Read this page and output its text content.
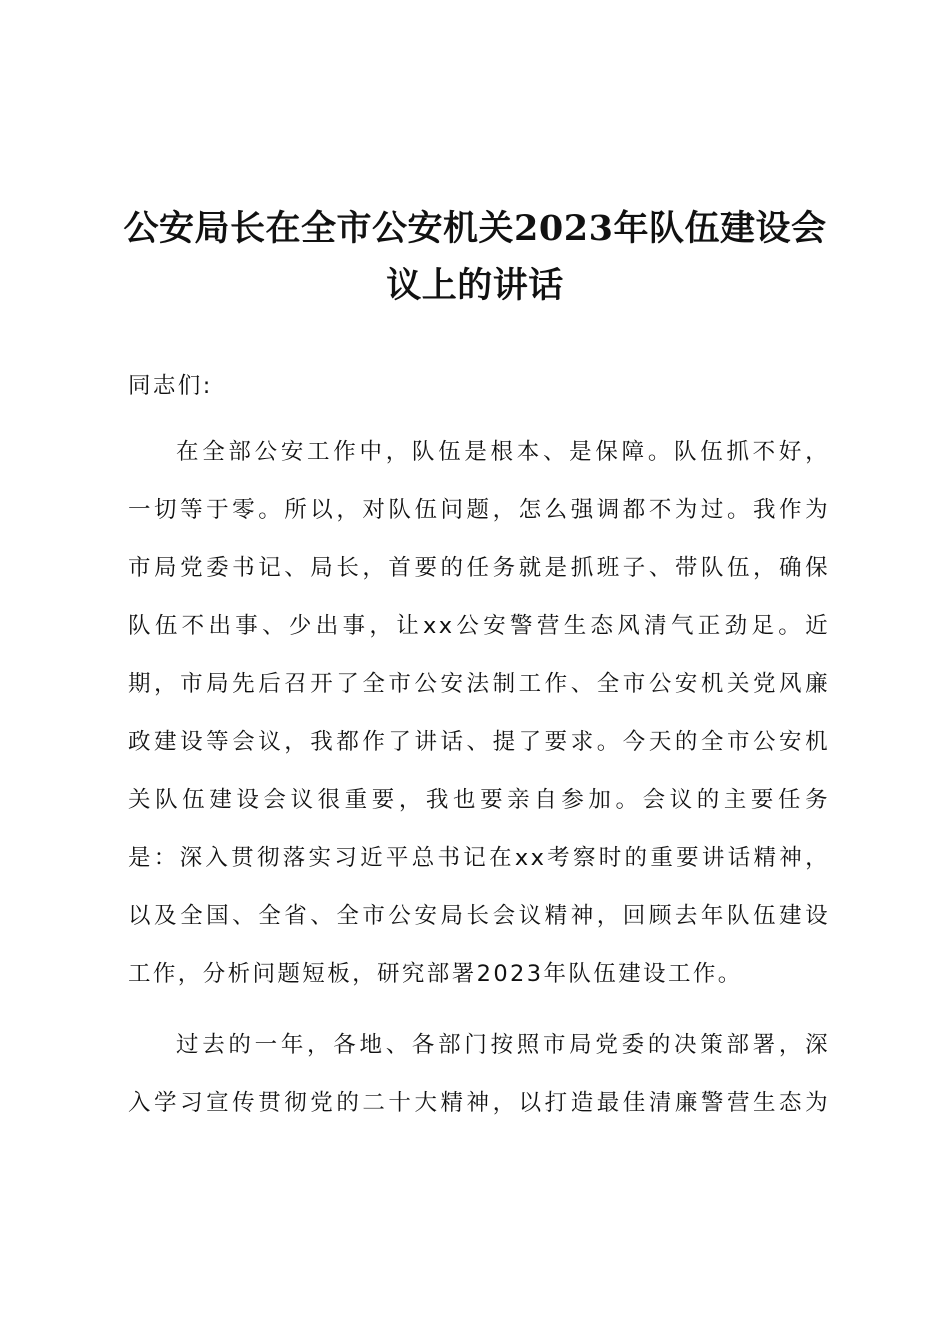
公安局长在全市公安机关2023年队伍建设会
议上的讲话

同志们:

在全部公安工作中，队伍是根本、是保障。队伍抓不好，
一切等于零。所以，对队伍问题，怎么强调都不为过。我作为
市局党委书记、局长，首要的任务就是抓班子、带队伍，确保
队伍不出事、少出事，让xx公安警营生态风清气正劲足。近
期，市局先后召开了全市公安法制工作、全市公安机关党风廉
政建设等会议，我都作了讲话、提了要求。今天的全市公安机
关队伍建设会议很重要，我也要亲自参加。会议的主要任务
是：深入贯彻落实习近平总书记在xx考察时的重要讲话精神，
以及全国、全省、全市公安局长会议精神，回顾去年队伍建设
工作，分析问题短板，研究部署2023年队伍建设工作。
过去的一年，各地、各部门按照市局党委的决策部署，深
入学习宣传贯彻党的二十大精神，以打造最佳清廉警营生态为
